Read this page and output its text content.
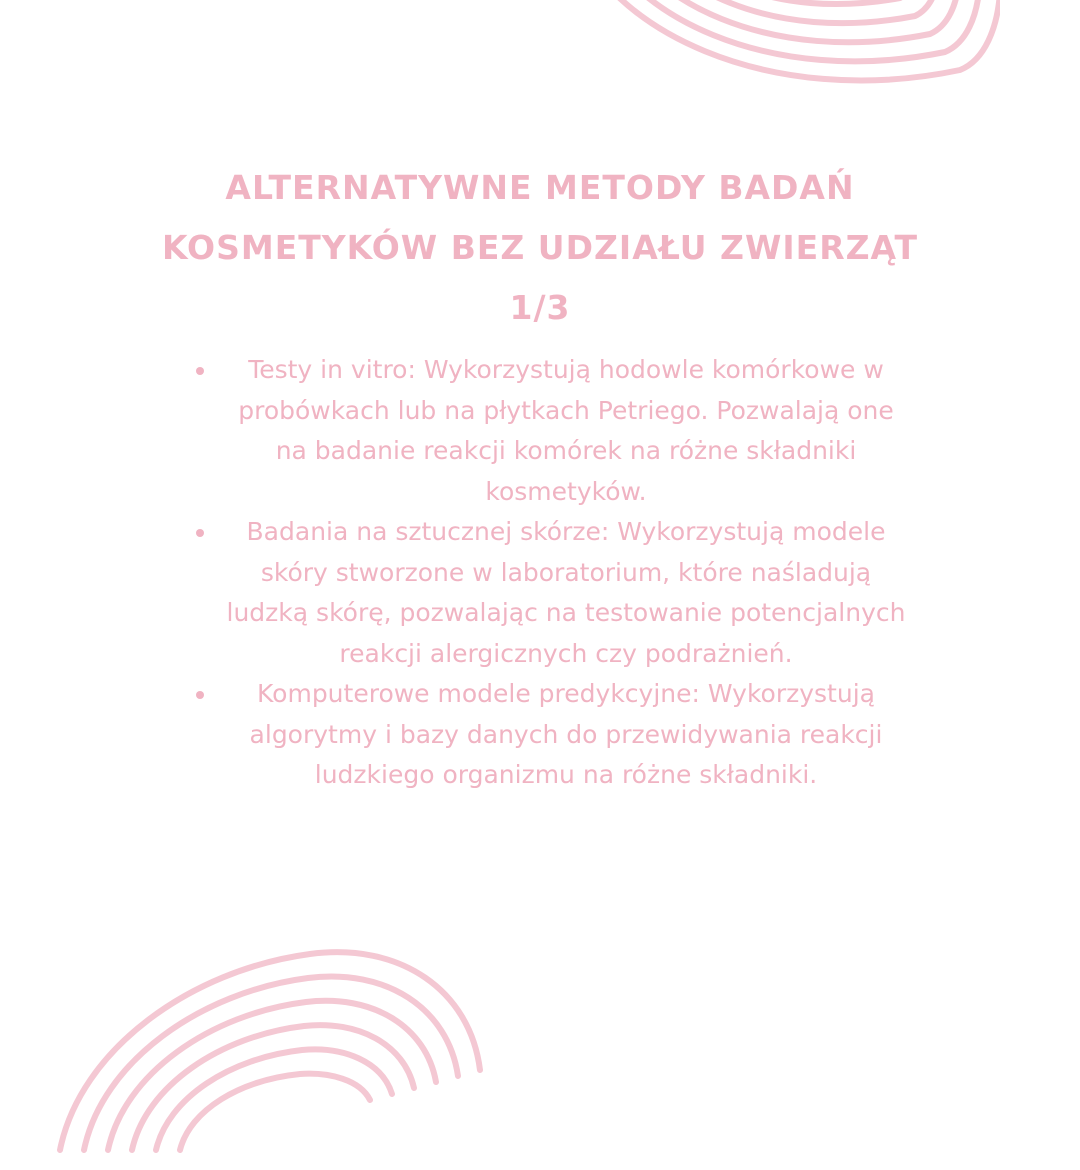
ALTERNATYWNE METODY BADAŃ
KOSMETYKÓW BEZ UDZIAŁU ZWIERZĄT
1/3
Testy in vitro: Wykorzystują hodowle komórkowe w probówkach lub na płytkach Petriego. Pozwalają one na badanie reakcji komórek na różne składniki kosmetyków.
Badania na sztucznej skórze: Wykorzystują modele skóry stworzone w laboratorium, które naśladują ludzką skórę, pozwalając na testowanie potencjalnych reakcji alergicznych czy podrażnień.
Komputerowe modele predykcyjne: Wykorzystują algorytmy i bazy danych do przewidywania reakcji ludzkiego organizmu na różne składniki.
